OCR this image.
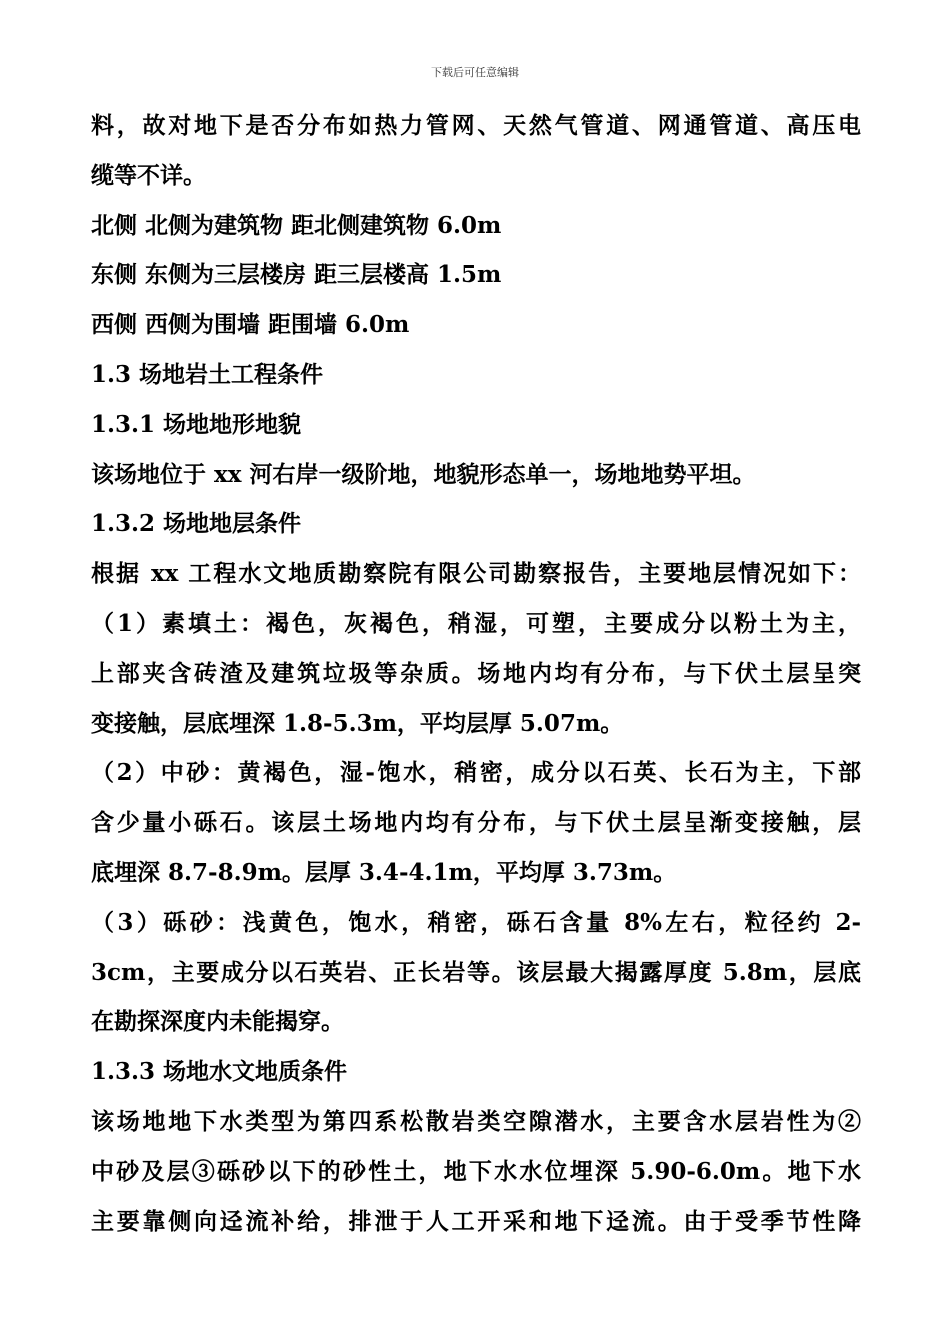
下载后可任意编辑
料，故对地下是否分布如热力管网、天然气管道、网通管道、高压电
缆等不详。
北侧 北侧为建筑物 距北侧建筑物 6.0m
东侧 东侧为三层楼房 距三层楼高 1.5m
西侧 西侧为围墙 距围墙 6.0m
1.3 场地岩土工程条件
1.3.1 场地地形地貌
该场地位于 xx 河右岸一级阶地，地貌形态单一，场地地势平坦。
1.3.2 场地地层条件
根据 xx 工程水文地质勘察院有限公司勘察报告，主要地层情况如下：
（1）素填土：褐色，灰褐色，稍湿，可塑，主要成分以粉土为主，
上部夹含砖渣及建筑垃圾等杂质。场地内均有分布，与下伏土层呈突
变接触，层底埋深 1.8-5.3m，平均层厚 5.07m。
（2）中砂：黄褐色，湿-饱水，稍密，成分以石英、长石为主，下部
含少量小砾石。该层土场地内均有分布，与下伏土层呈渐变接触，层
底埋深 8.7-8.9m。层厚 3.4-4.1m，平均厚 3.73m。
（3）砾砂：浅黄色，饱水，稍密，砾石含量 8%左右，粒径约 2-
3cm，主要成分以石英岩、正长岩等。该层最大揭露厚度 5.8m，层底
在勘探深度内未能揭穿。
1.3.3 场地水文地质条件
该场地地下水类型为第四系松散岩类空隙潜水，主要含水层岩性为②
中砂及层③砾砂以下的砂性土，地下水水位埋深 5.90-6.0m。地下水
主要靠侧向迳流补给，排泄于人工开采和地下迳流。由于受季节性降
